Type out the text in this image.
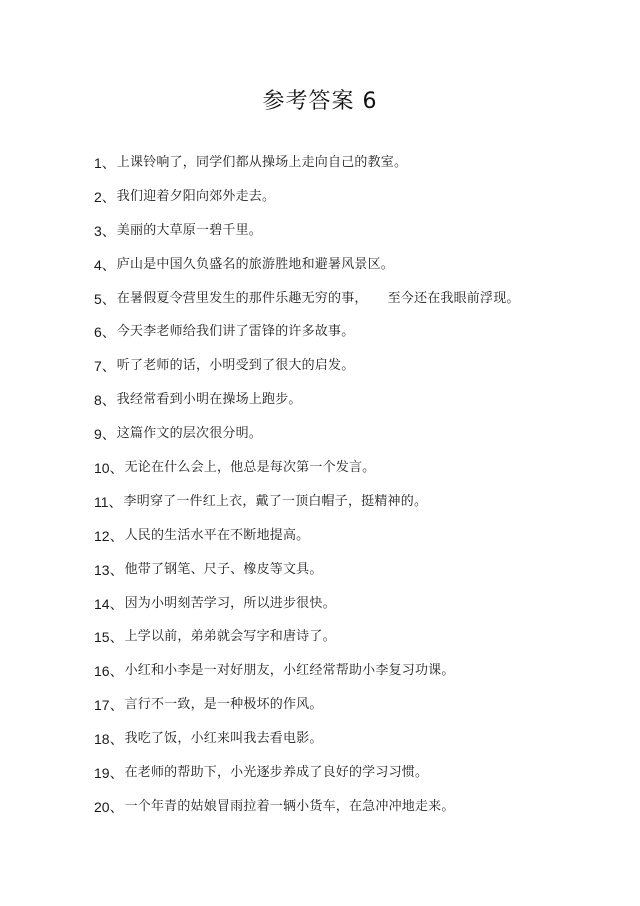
参考答案 6
1、 上课铃响了，同学们都从操场上走向自己的教室。
2、 我们迎着夕阳向郊外走去。
3、 美丽的大草原一碧千里。
4、 庐山是中国久负盛名的旅游胜地和避暑风景区。
5、 在暑假夏令营里发生的那件乐趣无穷的事， 至今还在我眼前浮现。
6、 今天李老师给我们讲了雷锋的许多故事。
7、 听了老师的话，小明受到了很大的启发。
8、 我经常看到小明在操场上跑步。
9、 这篇作文的层次很分明。
10、 无论在什么会上，他总是每次第一个发言。
11、 李明穿了一件红上衣，戴了一顶白帽子，挺精神的。
12、 人民的生活水平在不断地提高。
13、 他带了钢笔、尺子、橡皮等文具。
14、 因为小明刻苦学习，所以进步很快。
15、 上学以前，弟弟就会写字和唐诗了。
16、 小红和小李是一对好朋友，小红经常帮助小李复习功课。
17、 言行不一致，是一种极坏的作风。
18、 我吃了饭，小红来叫我去看电影。
19、 在老师的帮助下，小光逐步养成了良好的学习习惯。
20、 一个年青的姑娘冒雨拉着一辆小货车，在急冲冲地走来。
